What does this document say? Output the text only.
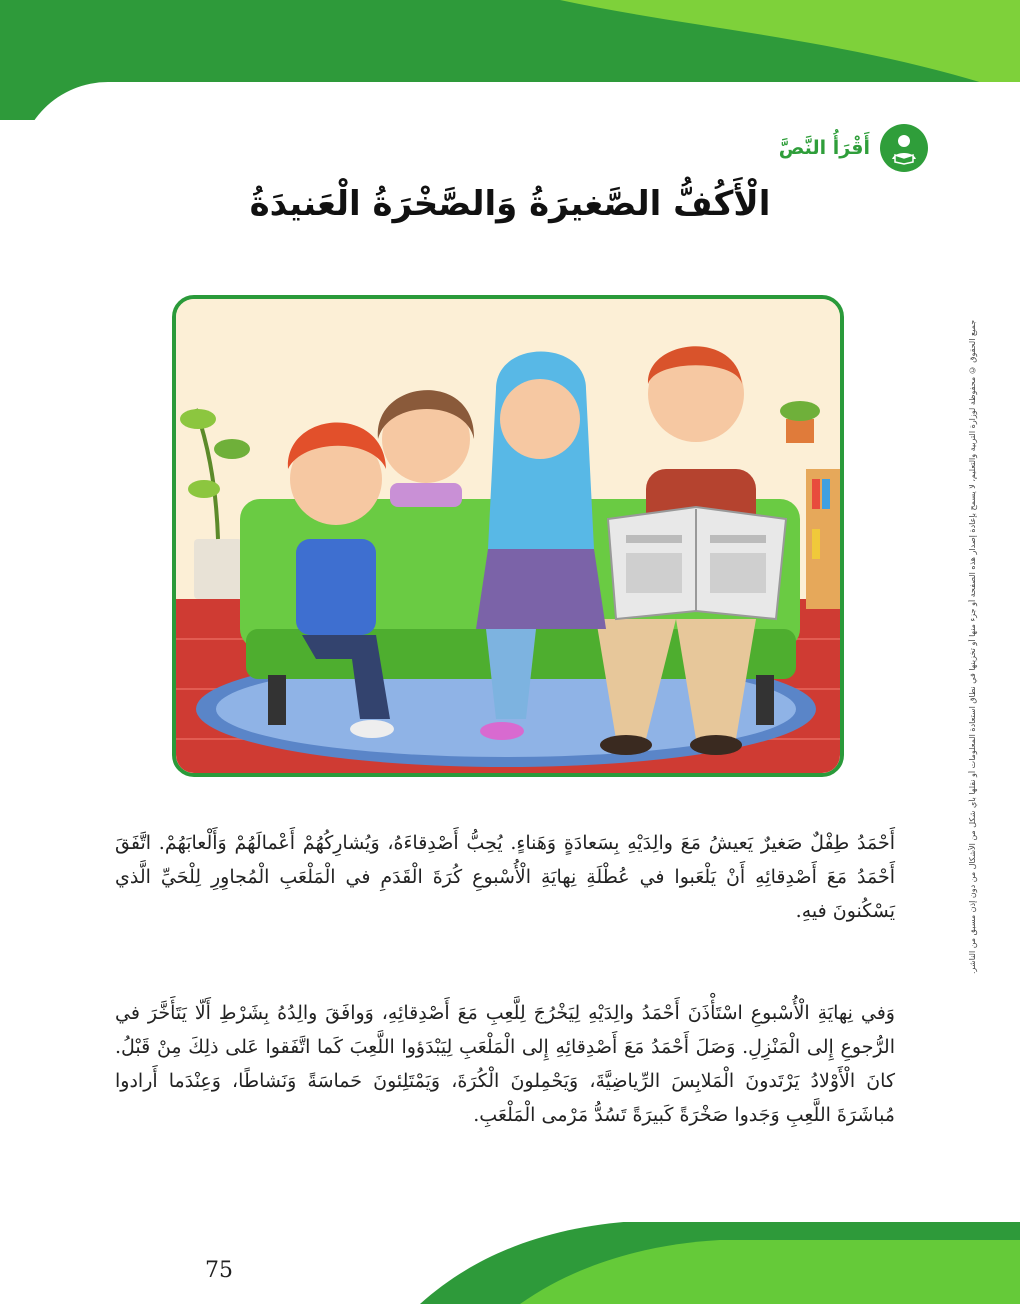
أَقْرَأُ النَّصَّ
الْأَكُفُّ الصَّغيرَةُ وَالصَّخْرَةُ الْعَنيدَةُ
أَحْمَدُ طِفْلٌ صَغيرٌ يَعيشُ مَعَ والِدَيْهِ بِسَعادَةٍ وَهَناءٍ. يُحِبُّ أَصْدِقاءَهُ، وَيُشارِكُهُمْ أَعْمالَهُمْ وَأَلْعابَهُمْ. اتَّفَقَ أَحْمَدُ مَعَ أَصْدِقائِهِ أَنْ يَلْعَبوا في عُطْلَةِ نِهايَةِ الْأُسْبوعِ كُرَةَ الْقَدَمِ في الْمَلْعَبِ الْمُجاوِرِ لِلْحَيِّ الَّذي يَسْكُنونَ فيهِ.
وَفي نِهايَةِ الْأُسْبوعِ اسْتَأْذَنَ أَحْمَدُ والِدَيْهِ لِيَخْرُجَ لِلَّعِبِ مَعَ أَصْدِقائِهِ، وَوافَقَ والِدُهُ بِشَرْطِ أَلّا يَتَأَخَّرَ في الرُّجوعِ إِلى الْمَنْزِلِ. وَصَلَ أَحْمَدُ مَعَ أَصْدِقائِهِ إِلى الْمَلْعَبِ لِيَبْدَؤوا اللَّعِبَ كَما اتَّفَقوا عَلى ذلِكَ مِنْ قَبْلُ. كانَ الْأَوْلادُ يَرْتَدونَ الْمَلابِسَ الرِّياضِيَّةَ، وَيَحْمِلونَ الْكُرَةَ، وَيَمْتَلِئونَ حَماسَةً وَنَشاطًا، وَعِنْدَما أَرادوا مُباشَرَةَ اللَّعِبِ وَجَدوا صَخْرَةً كَبيرَةً تَسُدُّ مَرْمى الْمَلْعَبِ.
جميع الحقوق © محفوظة لوزارة التربية والتعليم، لا يسمح بإعادة إصدار هذه الصفحة أو جزء منها أو تخزينها في نطاق استعادة المعلومات أو نقلها بأي شكل من الأشكال من دون إذن مسبق من الناشر.
75
